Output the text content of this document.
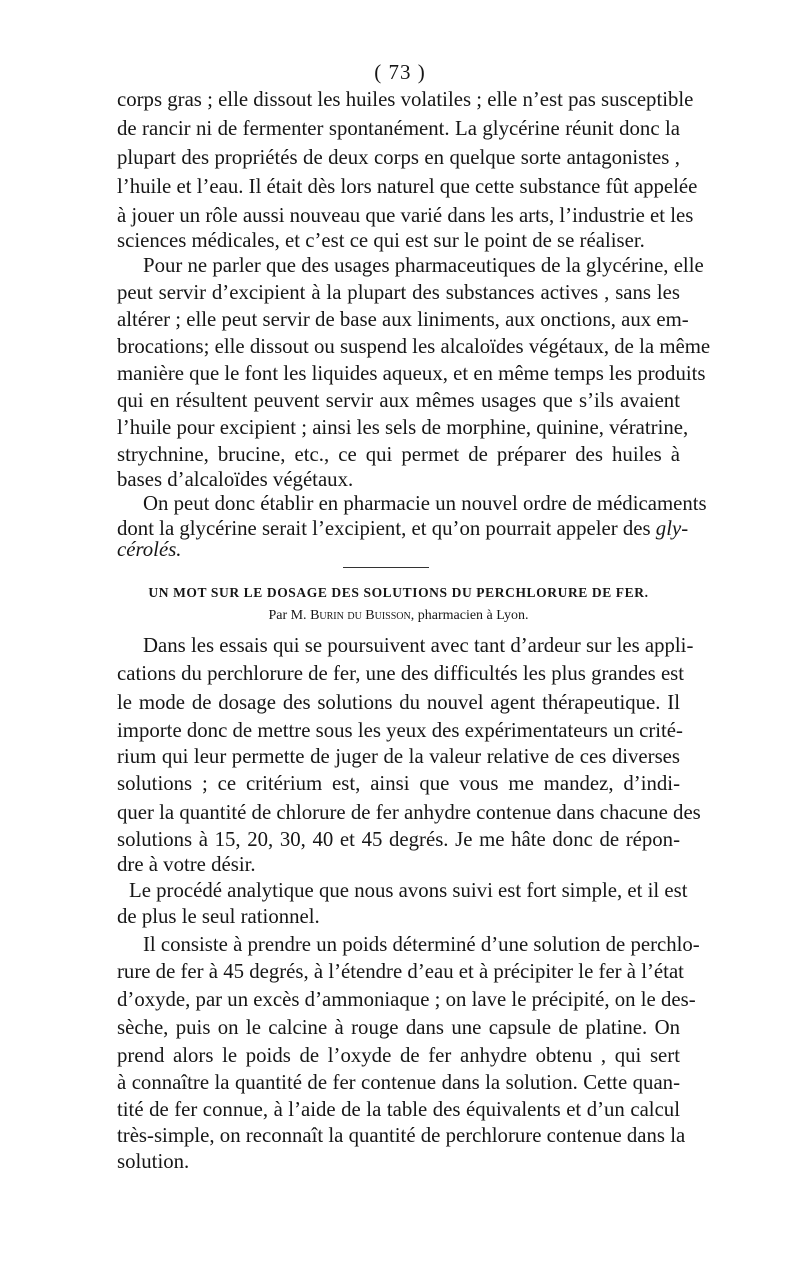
( 73 )
corps gras ; elle dissout les huiles volatiles ; elle n’est pas susceptible
de rancir ni de fermenter spontanément. La glycérine réunit donc la
plupart des propriétés de deux corps en quelque sorte antagonistes ,
l’huile et l’eau. Il était dès lors naturel que cette substance fût appelée
à jouer un rôle aussi nouveau que varié dans les arts, l’industrie et les
sciences médicales, et c’est ce qui est sur le point de se réaliser.
Pour ne parler que des usages pharmaceutiques de la glycérine, elle
peut servir d’excipient à la plupart des substances actives , sans les
altérer ; elle peut servir de base aux liniments, aux onctions, aux em-
brocations; elle dissout ou suspend les alcaloïdes végétaux, de la même
manière que le font les liquides aqueux, et en même temps les produits
qui en résultent peuvent servir aux mêmes usages que s’ils avaient
l’huile pour excipient ; ainsi les sels de morphine, quinine, vératrine,
strychnine, brucine, etc., ce qui permet de préparer des huiles à
bases d’alcaloïdes végétaux.
On peut donc établir en pharmacie un nouvel ordre de médicaments
dont la glycérine serait l’excipient, et qu’on pourrait appeler des gly-
cérolés.
UN MOT SUR LE DOSAGE DES SOLUTIONS DU PERCHLORURE DE FER.
Par M. Burin du Buisson, pharmacien à Lyon.
Dans les essais qui se poursuivent avec tant d’ardeur sur les appli-
cations du perchlorure de fer, une des difficultés les plus grandes est
le mode de dosage des solutions du nouvel agent thérapeutique. Il
importe donc de mettre sous les yeux des expérimentateurs un crité-
rium qui leur permette de juger de la valeur relative de ces diverses
solutions ; ce critérium est, ainsi que vous me mandez, d’indi-
quer la quantité de chlorure de fer anhydre contenue dans chacune des
solutions à 15, 20, 30, 40 et 45 degrés. Je me hâte donc de répon-
dre à votre désir.
Le procédé analytique que nous avons suivi est fort simple, et il est
de plus le seul rationnel.
Il consiste à prendre un poids déterminé d’une solution de perchlo-
rure de fer à 45 degrés, à l’étendre d’eau et à précipiter le fer à l’état
d’oxyde, par un excès d’ammoniaque ; on lave le précipité, on le des-
sèche, puis on le calcine à rouge dans une capsule de platine. On
prend alors le poids de l’oxyde de fer anhydre obtenu , qui sert
à connaître la quantité de fer contenue dans la solution. Cette quan-
tité de fer connue, à l’aide de la table des équivalents et d’un calcul
très-simple, on reconnaît la quantité de perchlorure contenue dans la
solution.
